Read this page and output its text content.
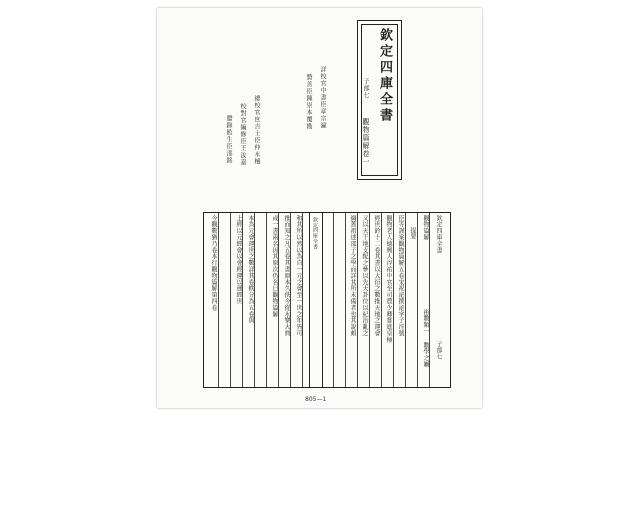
欽定四庫全書
子部七
觀物篇解卷一
詳校官中書臣章宗瀛
贊善臣陳崇本覆勘
總校官庶吉士臣仲永檀
校對官編修臣王汝嘉
謄錄監生臣邵銘
欽定四庫全書	欽定四庫全書
子部七
觀物篇解
術數類一 數學之屬
提要
臣等謹案觀物篇解五卷宋祝泌撰泌字子涇號
觀物老人德興人淳祐中官至司農少卿嘗進皇極
經世鈐十二卷其書以大衍之數推天地之運會
又以天干地支配之參以先天卦位以紀治亂之
綱蓋祖述邵子之學而詳其所未備者也其說頗
和其所以然以為自一元之會至一世之年皆可
推而知之凡五卷其書原本久佚今從永樂大典
或一書兩名因其原次仍名曰觀物篇解
本為元會運世之數詳其卷帙分為五卷與
上經以元經會以會經運以運經世
今觀數猶乃卷本行觀物篇解第四卷
805—1
